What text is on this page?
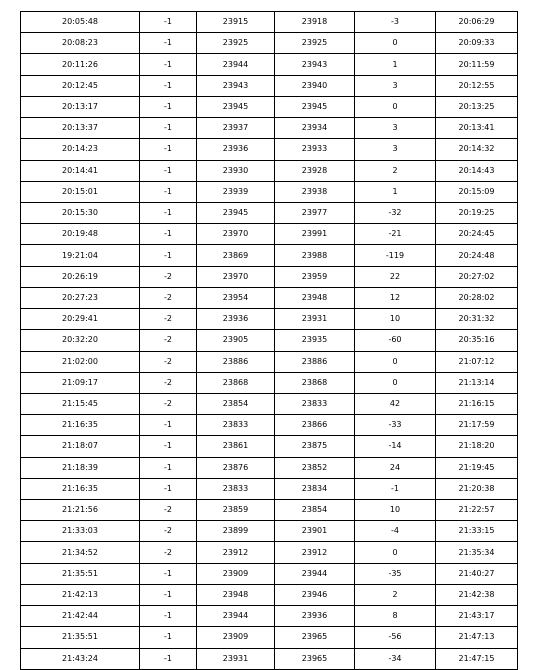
20:05:48	-1	23915	23918	-3	20:06:29
20:08:23	-1	23925	23925	0	20:09:33
20:11:26	-1	23944	23943	1	20:11:59
20:12:45	-1	23943	23940	3	20:12:55
20:13:17	-1	23945	23945	0	20:13:25
20:13:37	-1	23937	23934	3	20:13:41
20:14:23	-1	23936	23933	3	20:14:32
20:14:41	-1	23930	23928	2	20:14:43
20:15:01	-1	23939	23938	1	20:15:09
20:15:30	-1	23945	23977	-32	20:19:25
20:19:48	-1	23970	23991	-21	20:24:45
19:21:04	-1	23869	23988	-119	20:24:48
20:26:19	-2	23970	23959	22	20:27:02
20:27:23	-2	23954	23948	12	20:28:02
20:29:41	-2	23936	23931	10	20:31:32
20:32:20	-2	23905	23935	-60	20:35:16
21:02:00	-2	23886	23886	0	21:07:12
21:09:17	-2	23868	23868	0	21:13:14
21:15:45	-2	23854	23833	42	21:16:15
21:16:35	-1	23833	23866	-33	21:17:59
21:18:07	-1	23861	23875	-14	21:18:20
21:18:39	-1	23876	23852	24	21:19:45
21:16:35	-1	23833	23834	-1	21:20:38
21:21:56	-2	23859	23854	10	21:22:57
21:33:03	-2	23899	23901	-4	21:33:15
21:34:52	-2	23912	23912	0	21:35:34
21:35:51	-1	23909	23944	-35	21:40:27
21:42:13	-1	23948	23946	2	21:42:38
21:42:44	-1	23944	23936	8	21:43:17
21:35:51	-1	23909	23965	-56	21:47:13
21:43:24	-1	23931	23965	-34	21:47:15
